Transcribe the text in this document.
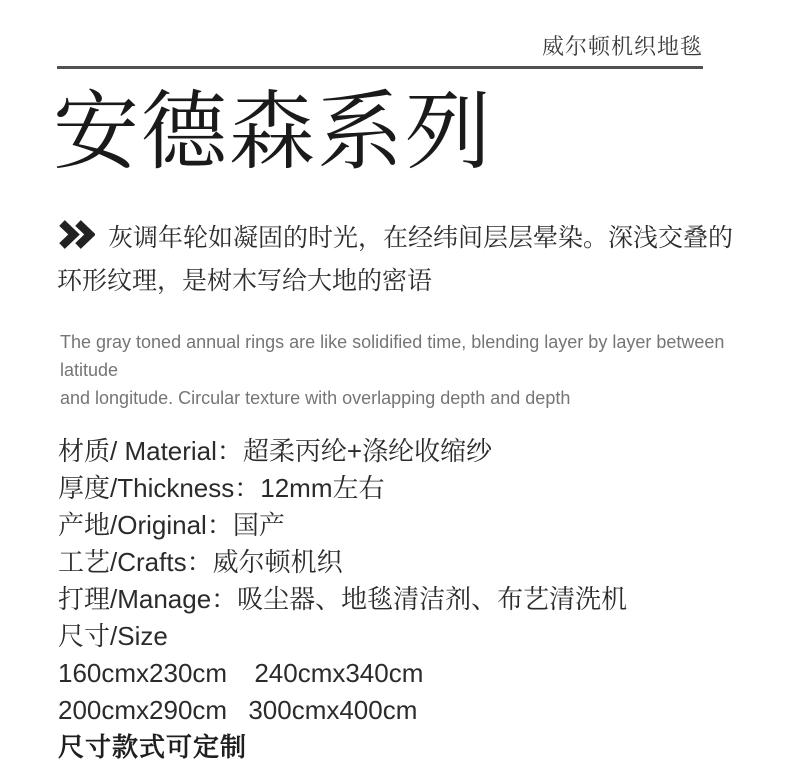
威尔顿机织地毯
安德森系列

灰调年轮如凝固的时光，在经纬间层层晕染。深浅交叠的
环形纹理，是树木写给大地的密语

The gray toned annual rings are like solidified time, blending layer by layer between latitude
and longitude. Circular texture with overlapping depth and depth

材质/ Material：超柔丙纶+涤纶收缩纱
厚度/Thickness：12mm左右
产地/Original：国产
工艺/Crafts：威尔顿机织
打理/Manage：吸尘器、地毯清洁剂、布艺清洗机
尺寸/Size
160cmx230cm 240cmx340cm
200cmx290cm 300cmx400cm
尺寸款式可定制
